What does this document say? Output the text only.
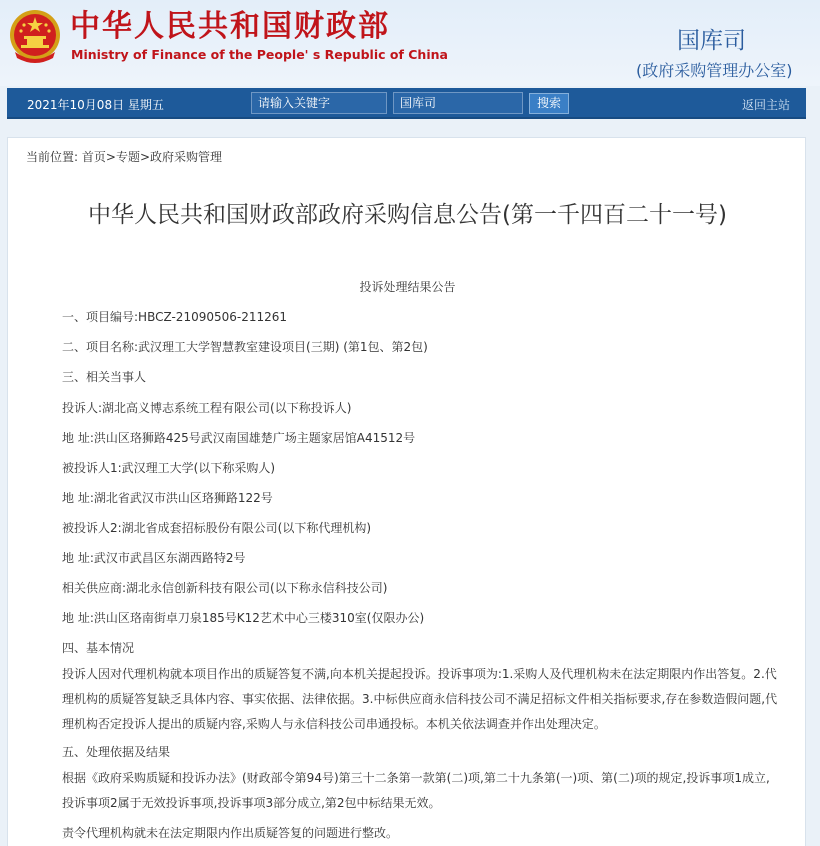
中华人民共和国财政部
Ministry of Finance of the People' s Republic of China
国库司
(政府采购管理办公室)
2021年10月08日 星期五	请输入关键字	国库司	搜索	返回主站
当前位置: 首页>专题>政府采购管理
中华人民共和国财政部政府采购信息公告(第一千四百二十一号)
投诉处理结果公告
一、项目编号:HBCZ-21090506-211261
二、项目名称:武汉理工大学智慧教室建设项目(三期) (第1包、第2包)
三、相关当事人
投诉人:湖北高义博志系统工程有限公司(以下称投诉人)
地 址:洪山区珞狮路425号武汉南国雄楚广场主题家居馆A41512号
被投诉人1:武汉理工大学(以下称采购人)
地 址:湖北省武汉市洪山区珞狮路122号
被投诉人2:湖北省成套招标股份有限公司(以下称代理机构)
地 址:武汉市武昌区东湖西路特2号
相关供应商:湖北永信创新科技有限公司(以下称永信科技公司)
地 址:洪山区珞南街卓刀泉185号K12艺术中心三楼310室(仅限办公)
四、基本情况
投诉人因对代理机构就本项目作出的质疑答复不满,向本机关提起投诉。投诉事项为:1.采购人及代理机构未在法定期限内作出答复。2.代理机构的质疑答复缺乏具体内容、事实依据、法律依据。3.中标供应商永信科技公司不满足招标文件相关指标要求,存在参数造假问题,代理机构否定投诉人提出的质疑内容,采购人与永信科技公司串通投标。本机关依法调查并作出处理决定。
五、处理依据及结果
根据《政府采购质疑和投诉办法》(财政部令第94号)第三十二条第一款第(二)项,第二十九条第(一)项、第(二)项的规定,投诉事项1成立,投诉事项2属于无效投诉事项,投诉事项3部分成立,第2包中标结果无效。
责令代理机构就未在法定期限内作出质疑答复的问题进行整改。
